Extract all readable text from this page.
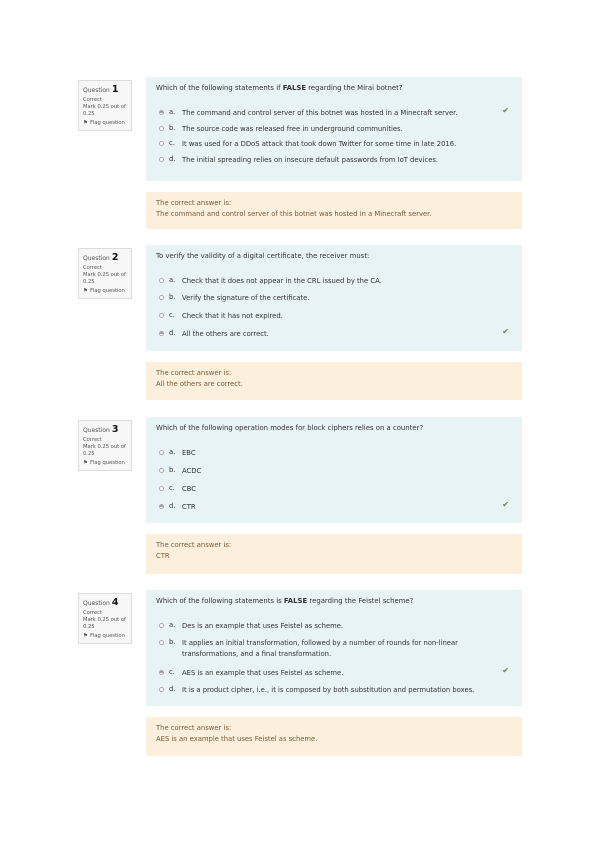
Question 1
Correct
Mark 0.25 out of 0.25
⚑ Flag question
Which of the following statements if FALSE regarding the Mirai botnet?
a. The command and control server of this botnet was hosted in a Minecraft server.
b. The source code was released free in underground communities.
c.	It was used for a DDoS attack that took down Twitter for some time in late 2016.
d. The initial spreading relies on insecure default passwords from IoT devices.
✔
The correct answer is:
The command and control server of this botnet was hosted in a Minecraft server.
Question 2
Correct
Mark 0.25 out of 0.25
⚑ Flag question
To verify the validity of a digital certificate, the receiver must:
a. Check that it does not appear in the CRL issued by the CA.
b. Verify the signature of the certificate.
c.	Check that it has not expired.
d. All the others are correct.	✔
The correct answer is:
All the others are correct.
Question 3
Correct
Mark 0.25 out of 0.25
⚑ Flag question
Which of the following operation modes for block ciphers relies on a counter?
a. EBC
b. ACDC
c.	CBC
d. CTR	✔
The correct answer is:
CTR
Question 4
Correct
Mark 0.25 out of 0.25
⚑ Flag question
Which of the following statements is FALSE regarding the Feistel scheme?
a. Des is an example that uses Feistel as scheme.
b. It applies an initial transformation, followed by a number of rounds for non-linear transformations, and a final transformation.
c.	AES is an example that uses Feistel as scheme.
d. It is a product cipher, i.e., it is composed by both substitution and permutation boxes.
✔
The correct answer is:
AES is an example that uses Feistel as scheme.
